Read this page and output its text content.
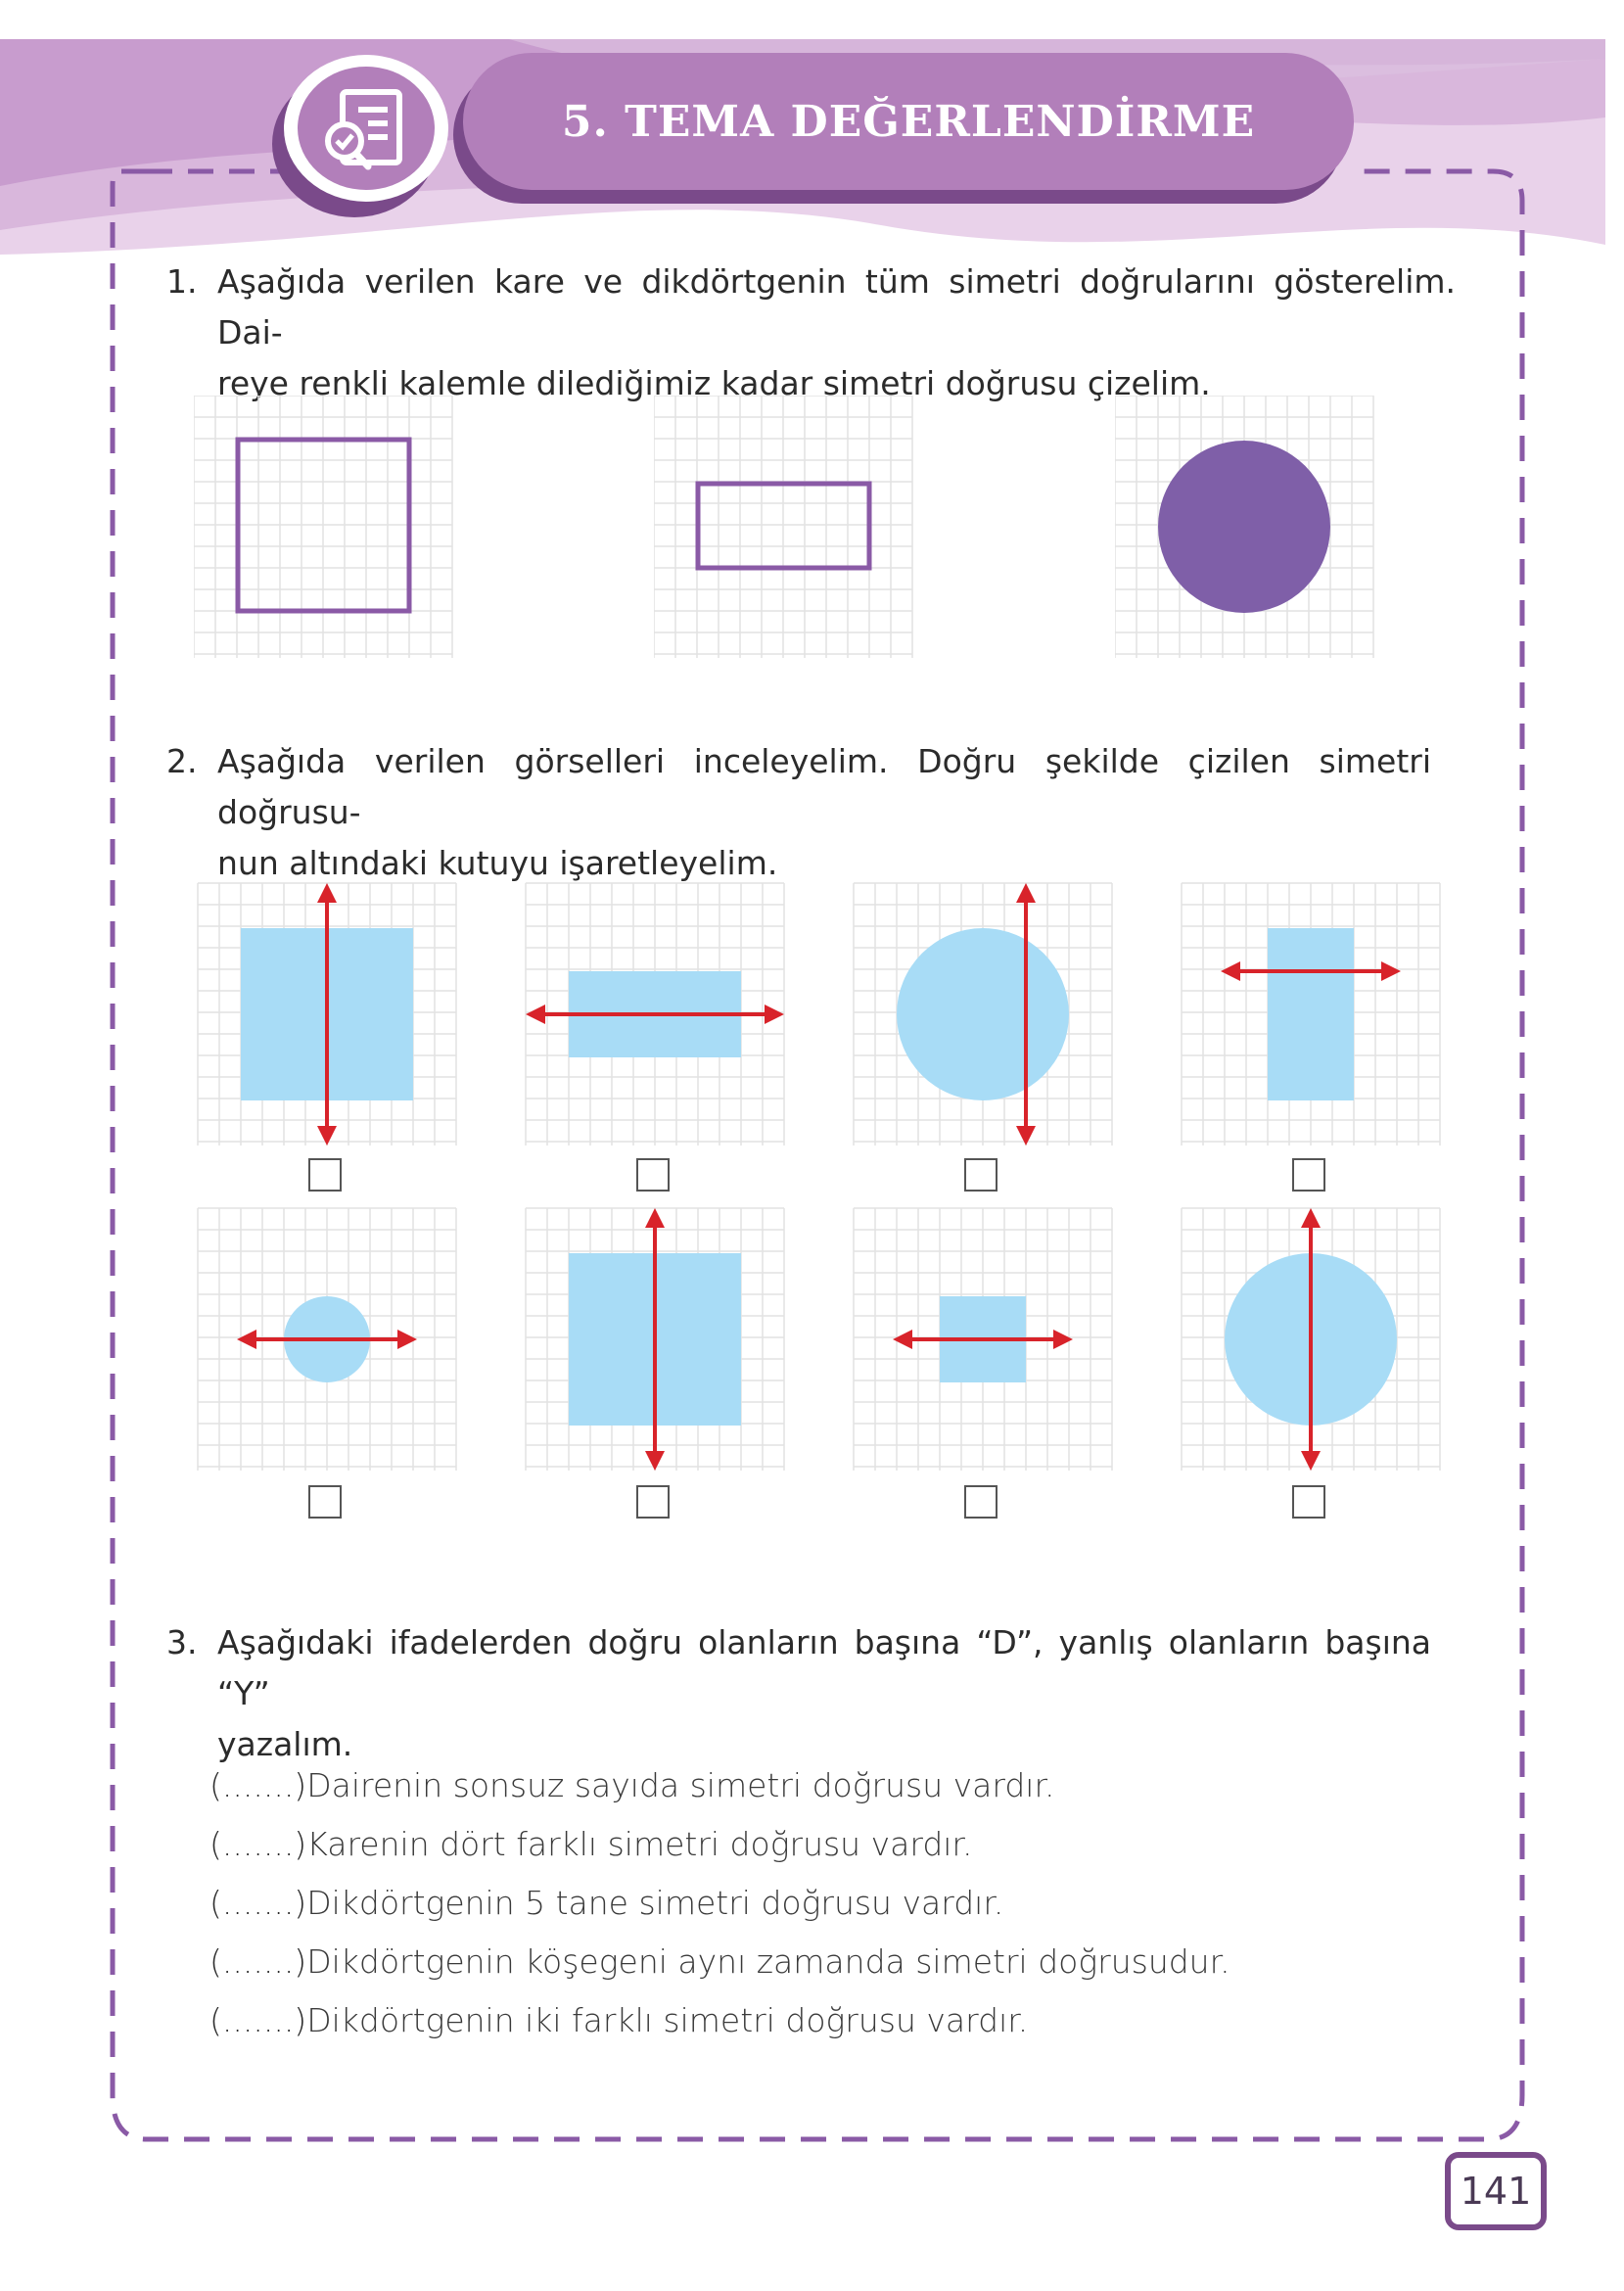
5. TEMA DEĞERLENDİRME
1. Aşağıda verilen kare ve dikdörtgenin tüm simetri doğrularını gösterelim. Dai-
reye renkli kalemle dilediğimiz kadar simetri doğrusu çizelim.
2. Aşağıda verilen görselleri inceleyelim. Doğru şekilde çizilen simetri doğrusu-
nun altındaki kutuyu işaretleyelim.
3. Aşağıdaki ifadelerden doğru olanların başına “D”, yanlış olanların başına “Y”
yazalım.
(.......)Dairenin sonsuz sayıda simetri doğrusu vardır.
(.......)Karenin dört farklı simetri doğrusu vardır.
(.......)Dikdörtgenin 5 tane simetri doğrusu vardır.
(.......)Dikdörtgenin köşegeni aynı zamanda simetri doğrusudur.
(.......)Dikdörtgenin iki farklı simetri doğrusu vardır.
141
